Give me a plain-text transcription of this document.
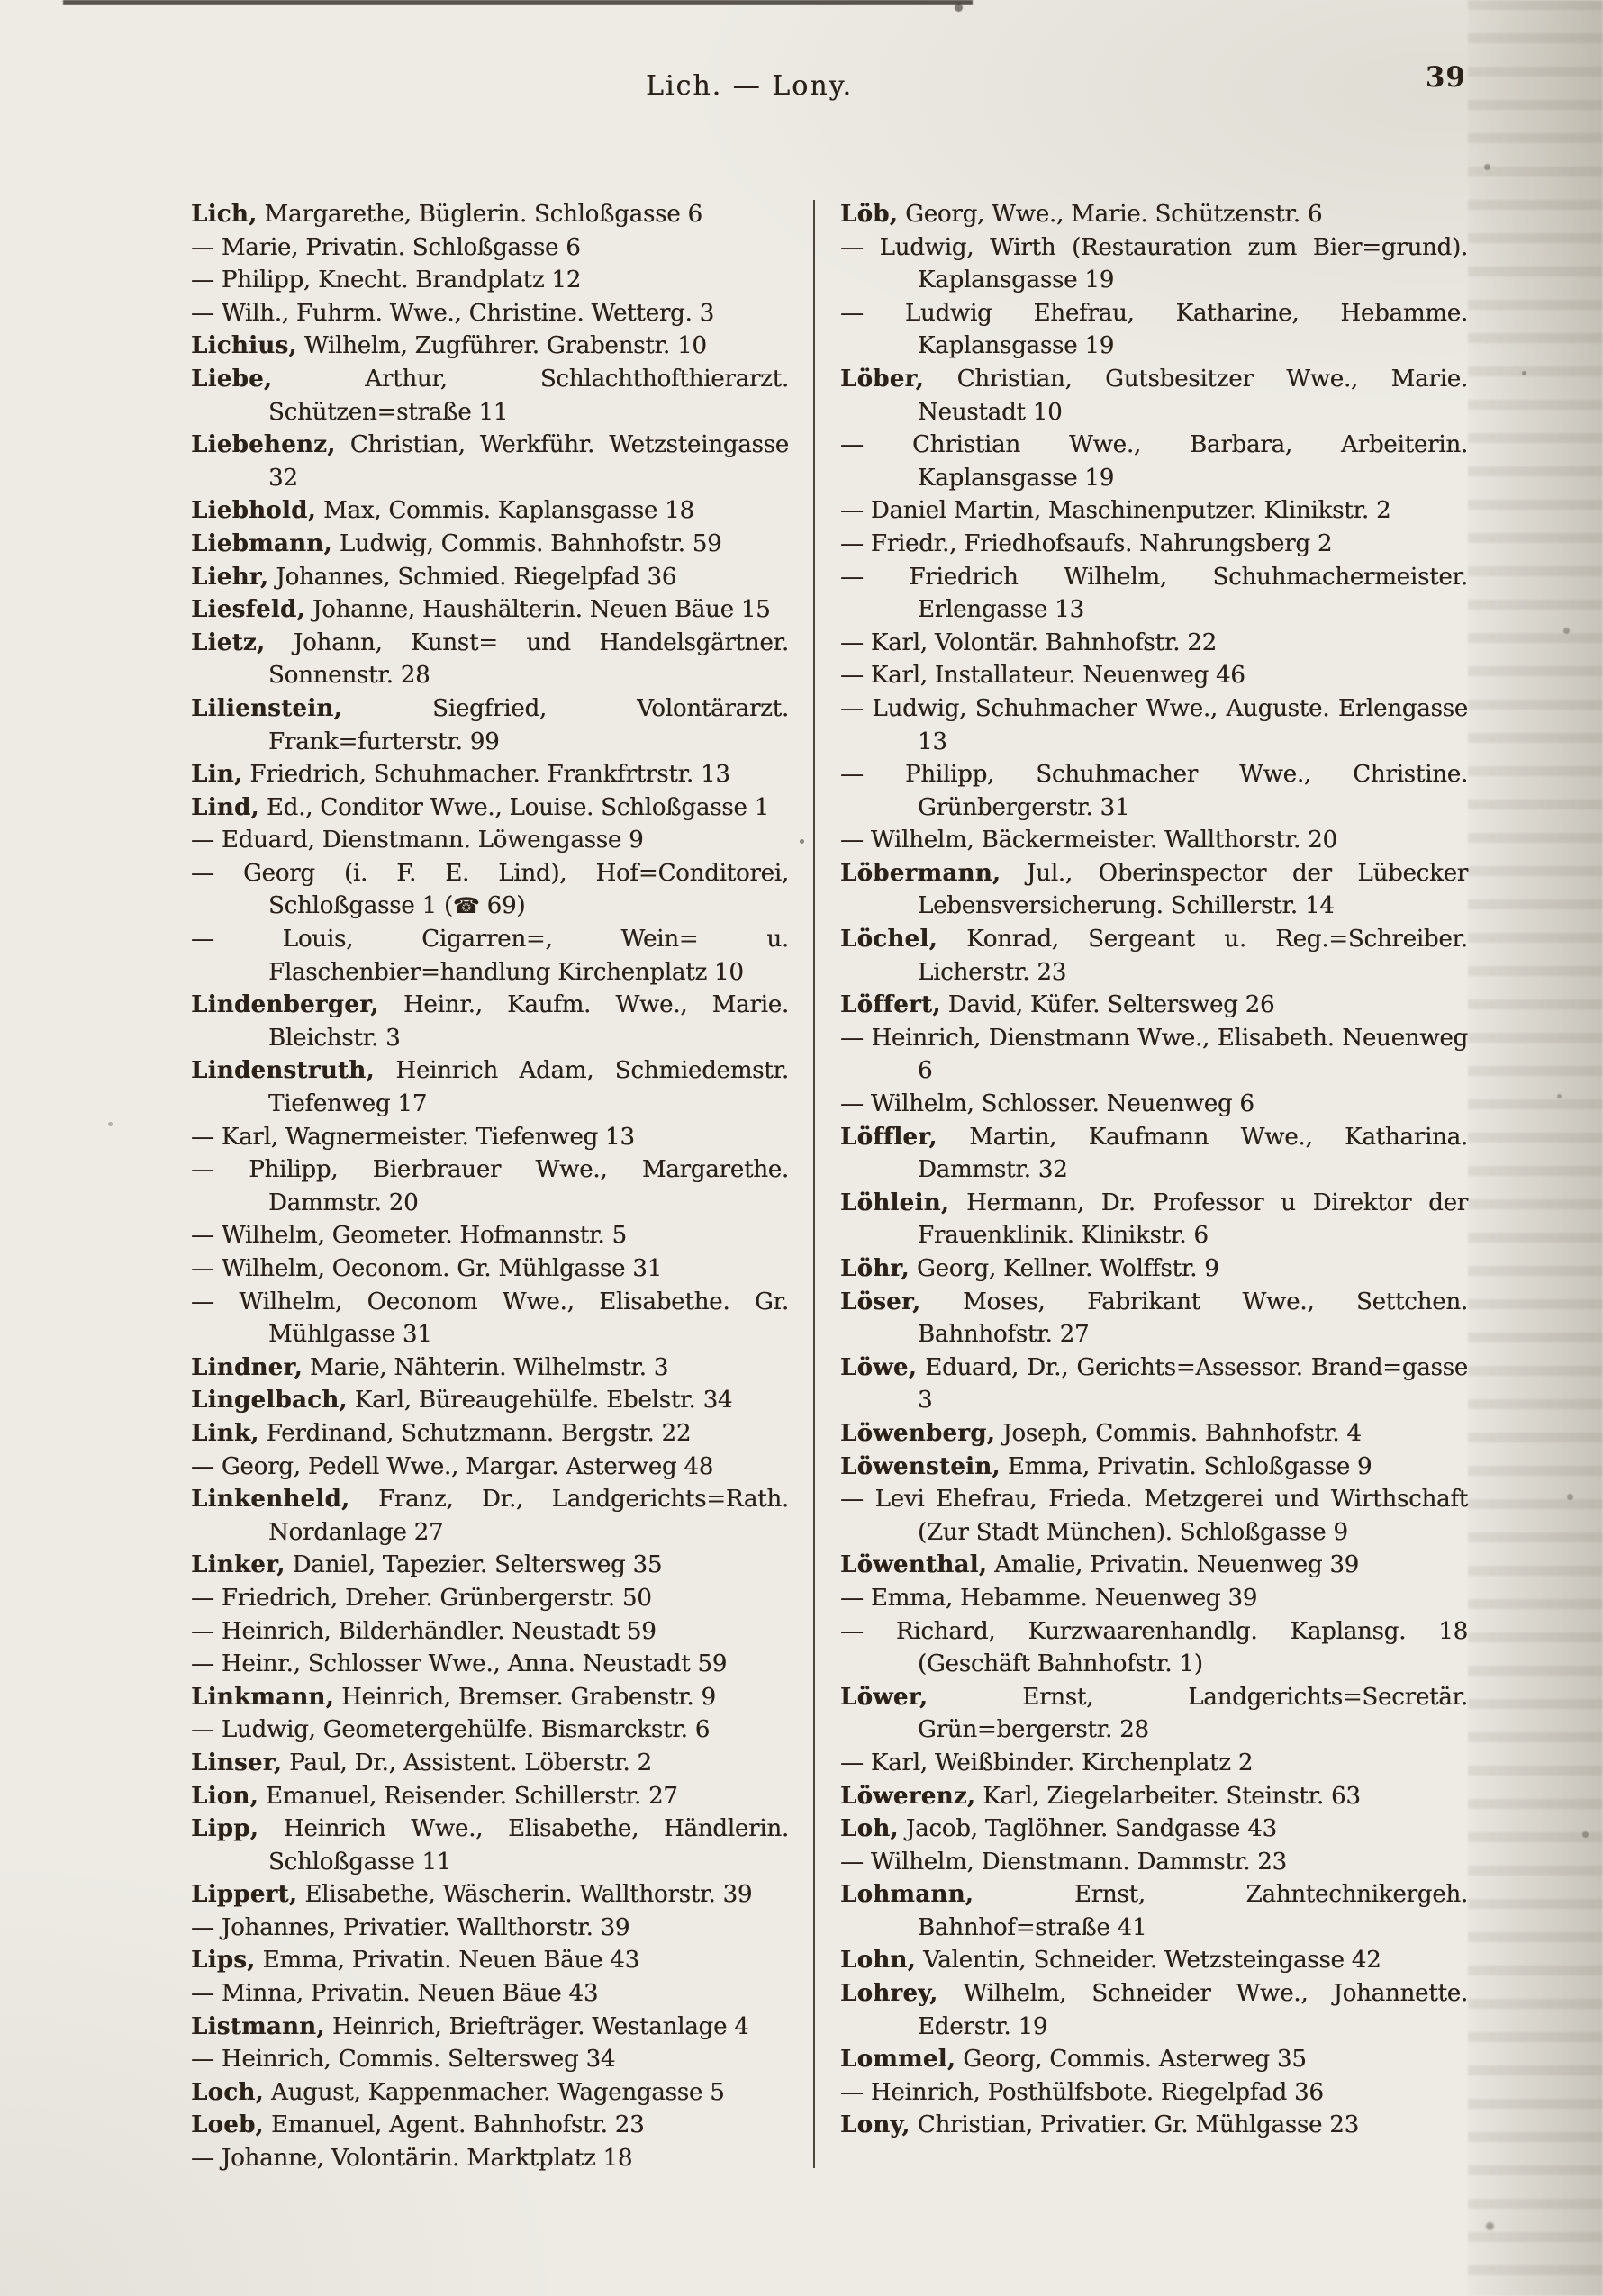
Lich. — Lony.	39

Lich, Margarethe, Büglerin. Schloßgasse 6

— Marie, Privatin. Schloßgasse 6

— Philipp, Knecht. Brandplatz 12

— Wilh., Fuhrm. Wwe., Christine. Wetterg. 3

Lichius, Wilhelm, Zugführer. Grabenstr. 10

Liebe,	Arthur, Schlachthofthierarzt. Schützen=straße 11

Liebehenz, Christian, Werkführ. Wetzsteingasse 32

Liebhold, Max, Commis. Kaplansgasse 18

Liebmann, Ludwig, Commis. Bahnhofstr. 59

Liehr, Johannes, Schmied. Riegelpfad 36

Liesfeld, Johanne, Haushälterin. Neuen Bäue 15

Lietz, Johann, Kunst= und Handelsgärtner. Sonnenstr. 28

Lilienstein,	Siegfried, Volontärarzt. Frank=furterstr. 99

Lin, Friedrich, Schuhmacher. Frankfrtrstr. 13

Lind, Ed., Conditor Wwe., Louise. Schloßgasse 1

— Eduard, Dienstmann. Löwengasse 9

— Georg (i. F. E. Lind), Hof=Conditorei, Schloßgasse 1 (☎ 69)

— Louis, Cigarren=, Wein= u. Flaschenbier=handlung Kirchenplatz 10

Lindenberger, Heinr., Kaufm. Wwe., Marie. Bleichstr. 3

Lindenstruth, Heinrich Adam, Schmiedemstr. Tiefenweg 17

— Karl, Wagnermeister. Tiefenweg 13

— Philipp, Bierbrauer Wwe., Margarethe. Dammstr. 20

— Wilhelm, Geometer. Hofmannstr. 5

— Wilhelm, Oeconom. Gr. Mühlgasse 31

— Wilhelm, Oeconom Wwe., Elisabethe. Gr. Mühlgasse 31

Lindner, Marie, Nähterin. Wilhelmstr. 3

Lingelbach, Karl, Büreaugehülfe. Ebelstr. 34

Link, Ferdinand, Schutzmann. Bergstr. 22

— Georg, Pedell Wwe., Margar. Asterweg 48

Linkenheld, Franz, Dr., Landgerichts=Rath. Nordanlage 27

Linker, Daniel, Tapezier. Seltersweg 35

— Friedrich, Dreher. Grünbergerstr. 50

— Heinrich, Bilderhändler. Neustadt 59

— Heinr., Schlosser Wwe., Anna. Neustadt 59

Linkmann, Heinrich, Bremser. Grabenstr. 9

— Ludwig, Geometergehülfe. Bismarckstr. 6

Linser, Paul, Dr., Assistent. Löberstr. 2

Lion, Emanuel, Reisender. Schillerstr. 27

Lipp, Heinrich Wwe., Elisabethe, Händlerin. Schloßgasse 11

Lippert, Elisabethe, Wäscherin. Wallthorstr. 39

— Johannes, Privatier. Wallthorstr. 39

Lips, Emma, Privatin. Neuen Bäue 43

— Minna, Privatin. Neuen Bäue 43

Listmann, Heinrich, Briefträger. Westanlage 4

— Heinrich, Commis. Seltersweg 34

Loch, August, Kappenmacher. Wagengasse 5

Loeb, Emanuel, Agent. Bahnhofstr. 23

— Johanne, Volontärin. Marktplatz 18

Löb, Georg, Wwe., Marie. Schützenstr. 6

— Ludwig, Wirth (Restauration zum Bier=grund). Kaplansgasse 19

— Ludwig Ehefrau, Katharine, Hebamme. Kaplansgasse 19

Löber, Christian, Gutsbesitzer Wwe., Marie. Neustadt 10

— Christian Wwe., Barbara, Arbeiterin. Kaplansgasse 19

— Daniel Martin, Maschinenputzer. Klinikstr. 2

— Friedr., Friedhofsaufs. Nahrungsberg 2

— Friedrich Wilhelm, Schuhmachermeister. Erlengasse 13

— Karl, Volontär. Bahnhofstr. 22

— Karl, Installateur. Neuenweg 46

— Ludwig, Schuhmacher Wwe., Auguste. Erlengasse 13

— Philipp, Schuhmacher Wwe., Christine. Grünbergerstr. 31

— Wilhelm, Bäckermeister. Wallthorstr. 20

Löbermann, Jul., Oberinspector der Lübecker Lebensversicherung. Schillerstr. 14

Löchel, Konrad, Sergeant u. Reg.=Schreiber. Licherstr. 23

Löffert, David, Küfer. Seltersweg 26

— Heinrich, Dienstmann Wwe., Elisabeth. Neuenweg 6

— Wilhelm, Schlosser. Neuenweg 6

Löffler, Martin, Kaufmann Wwe., Katharina. Dammstr. 32

Löhlein, Hermann, Dr. Professor u Direktor der Frauenklinik. Klinikstr. 6

Löhr, Georg, Kellner. Wolffstr. 9

Löser, Moses, Fabrikant Wwe., Settchen. Bahnhofstr. 27

Löwe, Eduard, Dr., Gerichts=Assessor. Brand=gasse 3

Löwenberg, Joseph, Commis. Bahnhofstr. 4

Löwenstein, Emma, Privatin. Schloßgasse 9

— Levi Ehefrau, Frieda. Metzgerei und Wirthschaft (Zur Stadt München). Schloßgasse 9

Löwenthal, Amalie, Privatin. Neuenweg 39

— Emma, Hebamme. Neuenweg 39

— Richard, Kurzwaarenhandlg. Kaplansg. 18 (Geschäft Bahnhofstr. 1)

Löwer,	Ernst, Landgerichts=Secretär. Grün=bergerstr. 28

— Karl, Weißbinder. Kirchenplatz 2

Löwerenz, Karl, Ziegelarbeiter. Steinstr. 63

Loh, Jacob, Taglöhner. Sandgasse 43

— Wilhelm, Dienstmann. Dammstr. 23

Lohmann,	Ernst, Zahntechnikergeh. Bahnhof=straße 41

Lohn, Valentin, Schneider. Wetzsteingasse 42

Lohrey, Wilhelm, Schneider Wwe., Johannette. Ederstr. 19

Lommel, Georg, Commis. Asterweg 35

— Heinrich, Posthülfsbote. Riegelpfad 36

Lony, Christian, Privatier. Gr. Mühlgasse 23
